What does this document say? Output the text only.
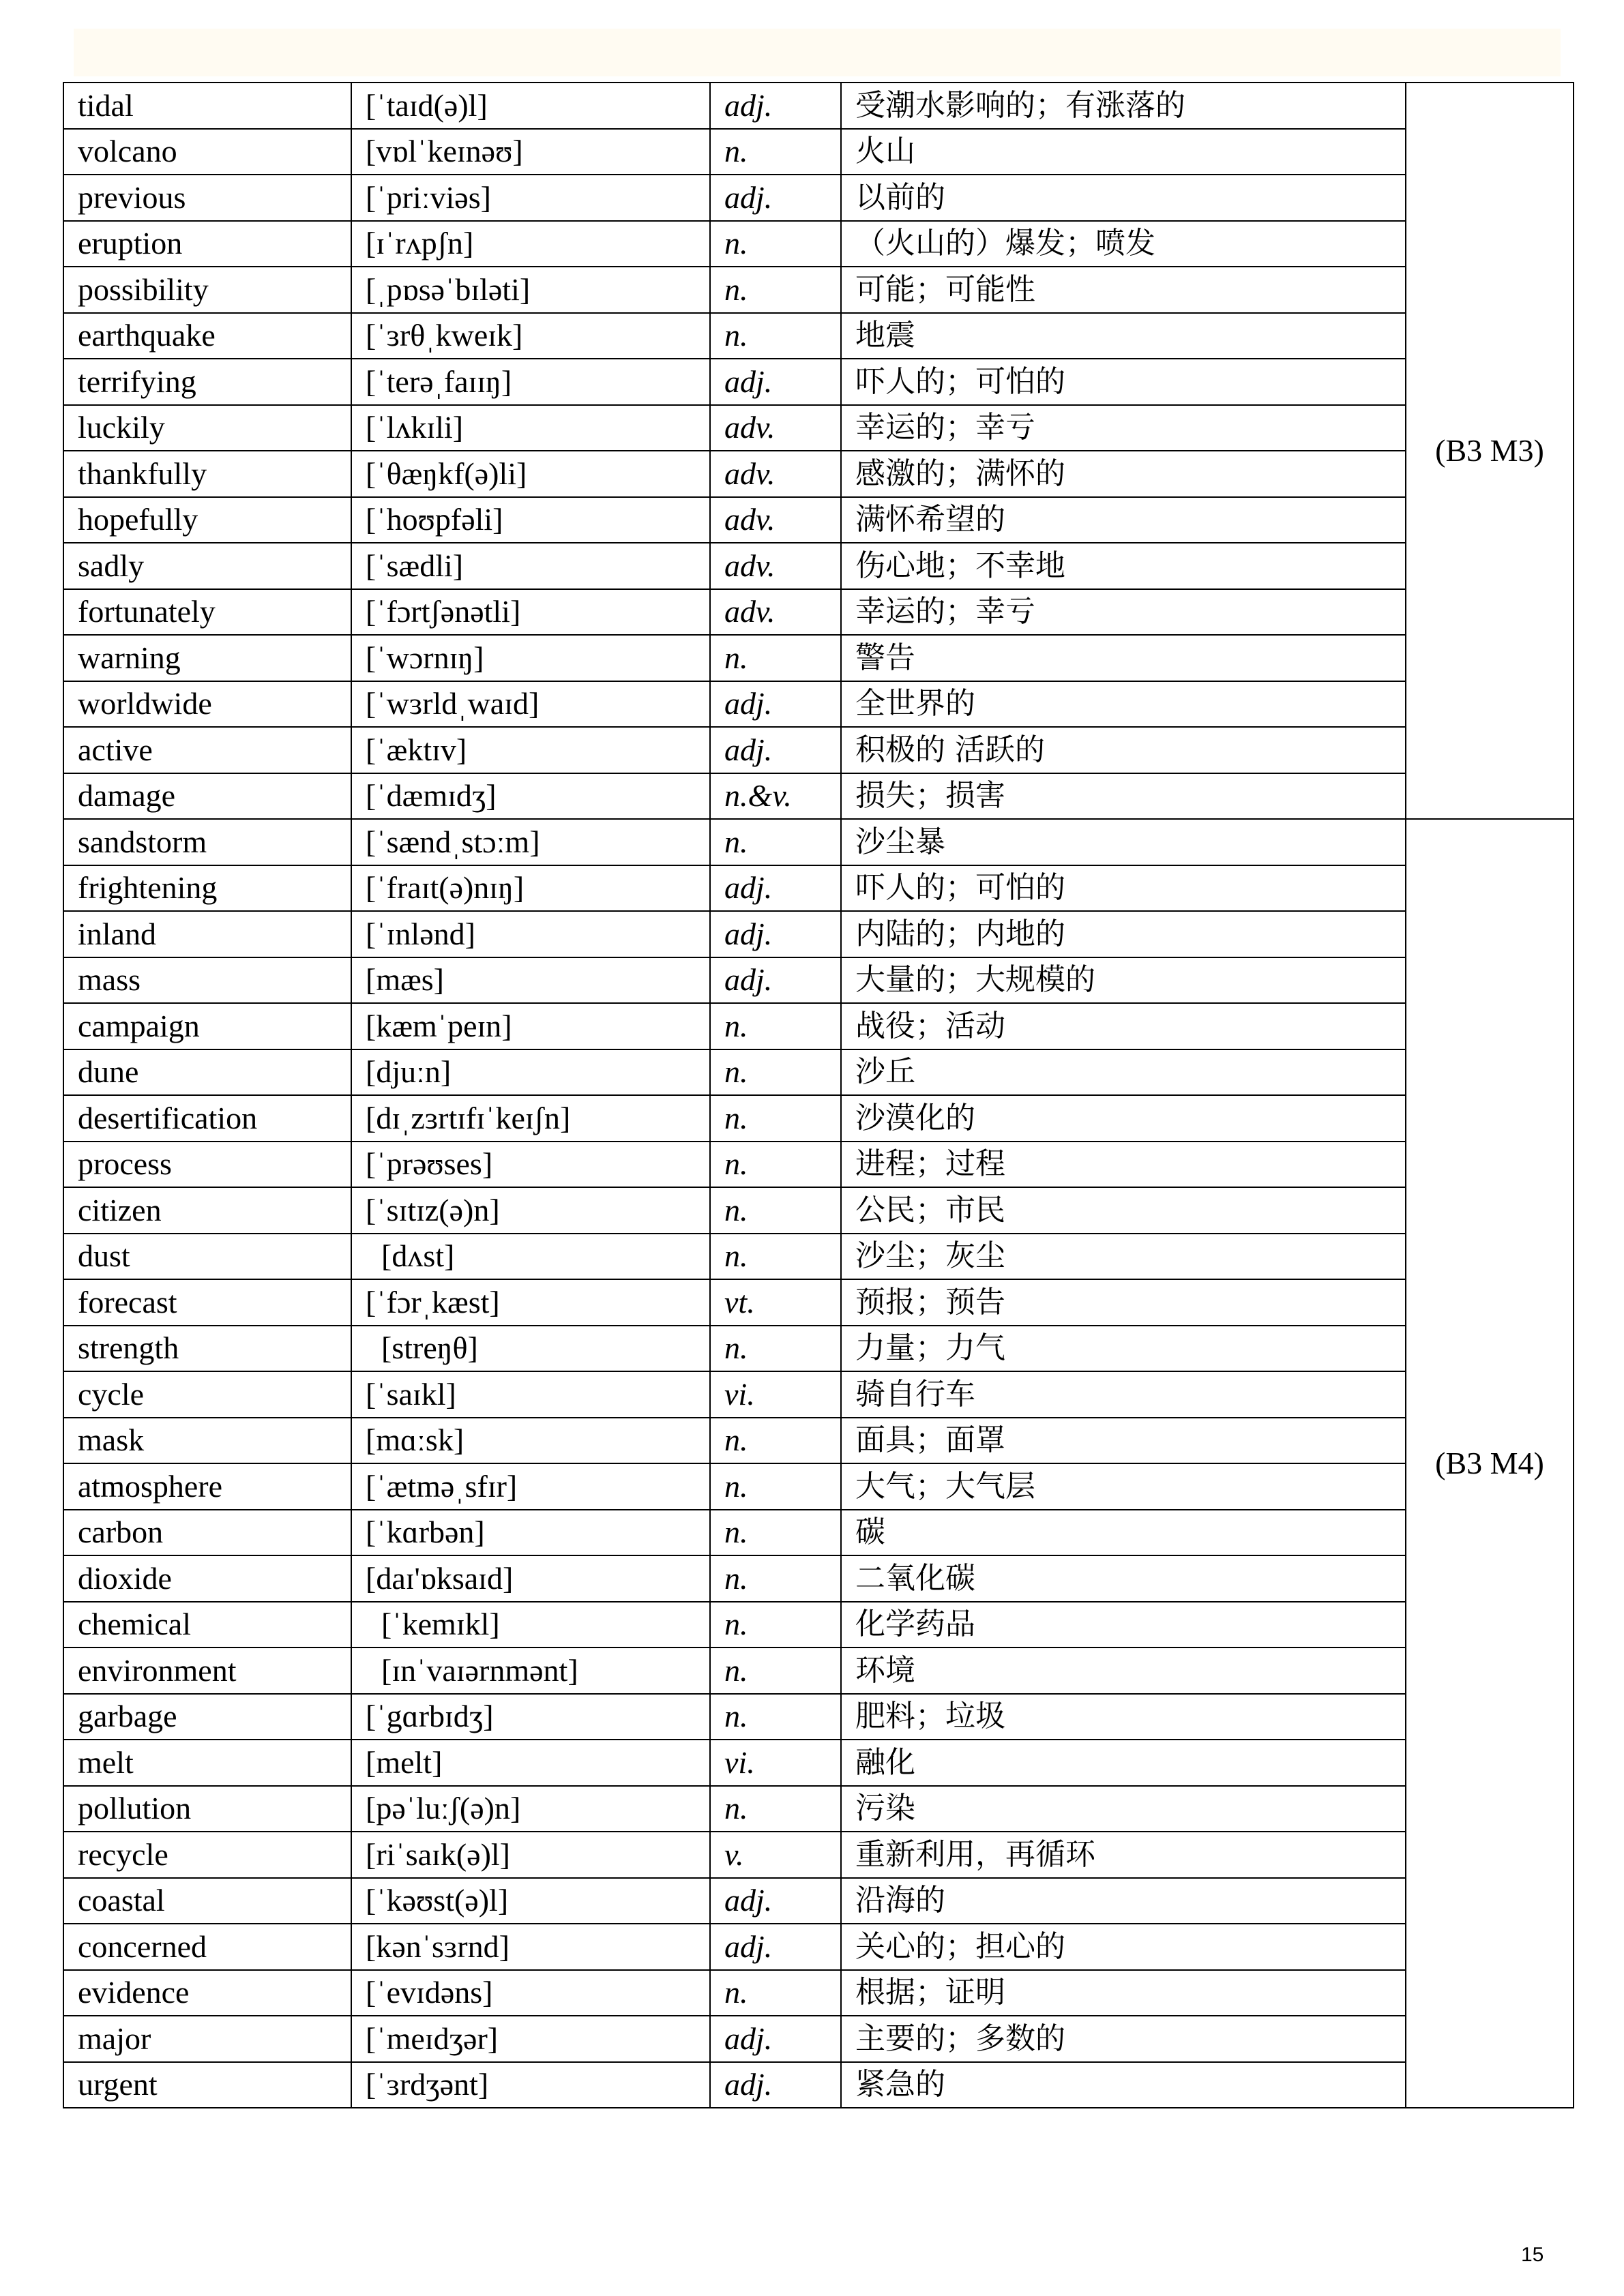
tidal	[ˈtaɪd(ə)l]	adj.	受潮水影响的；有涨落的	(B3 M3)
volcano	[vɒlˈkeɪnəʊ]	n.	火山	
previous	[ˈpriːviəs]	adj.	以前的	
eruption	[ɪˈrʌpʃn]	n.	（火山的）爆发；喷发	
possibility	[ˌpɒsəˈbɪləti]	n.	可能；可能性	
earthquake	[ˈɜrθˌkweɪk]	n.	地震	
terrifying	[ˈterəˌfaɪɪŋ]	adj.	吓人的；可怕的	
luckily	[ˈlʌkɪli]	adv.	幸运的；幸亏	
thankfully	[ˈθæŋkf(ə)li]	adv.	感激的；满怀的	
hopefully	[ˈhoʊpfəli]	adv.	满怀希望的	
sadly	[ˈsædli]	adv.	伤心地；不幸地	
fortunately	[ˈfɔrtʃənətli]	adv.	幸运的；幸亏	
warning	[ˈwɔrnɪŋ]	n.	警告	
worldwide	[ˈwɜrldˌwaɪd]	adj.	全世界的	
active	[ˈæktɪv]	adj.	积极的 活跃的	
damage	[ˈdæmɪdʒ]	n.&v.	损失；损害	
sandstorm	[ˈsændˌstɔːm]	n.	沙尘暴	(B3 M4)
frightening	[ˈfraɪt(ə)nɪŋ]	adj.	吓人的；可怕的	
inland	[ˈɪnlənd]	adj.	内陆的；内地的	
mass	[mæs]	adj.	大量的；大规模的	
campaign	[kæmˈpeɪn]	n.	战役；活动	
dune	[djuːn]	n.	沙丘	
desertification	[dɪˌzɜrtɪfɪˈkeɪʃn]	n.	沙漠化的	
process	[ˈprəʊses]	n.	进程；过程	
citizen	[ˈsɪtɪz(ə)n]	n.	公民；市民	
dust	[dʌst]	n.	沙尘；灰尘	
forecast	[ˈfɔrˌkæst]	vt.	预报；预告	
strength	[streŋθ]	n.	力量；力气	
cycle	[ˈsaɪkl]	vi.	骑自行车	
mask	[mɑːsk]	n.	面具；面罩	
atmosphere	[ˈætməˌsfɪr]	n.	大气；大气层	
carbon	[ˈkɑrbən]	n.	碳	
dioxide	[daɪ'ɒksaɪd]	n.	二氧化碳	
chemical	[ˈkemɪkl]	n.	化学药品	
environment	[ɪnˈvaɪərnmənt]	n.	环境	
garbage	[ˈgɑrbɪdʒ]	n.	肥料；垃圾	
melt	[melt]	vi.	融化	
pollution	[pəˈluːʃ(ə)n]	n.	污染	
recycle	[riˈsaɪk(ə)l]	v.	重新利用，再循环	
coastal	[ˈkəʊst(ə)l]	adj.	沿海的	
concerned	[kənˈsɜrnd]	adj.	关心的；担心的	
evidence	[ˈevɪdəns]	n.	根据；证明	
major	[ˈmeɪdʒər]	adj.	主要的；多数的	
urgent	[ˈɜrdʒənt]	adj.	紧急的	
15
